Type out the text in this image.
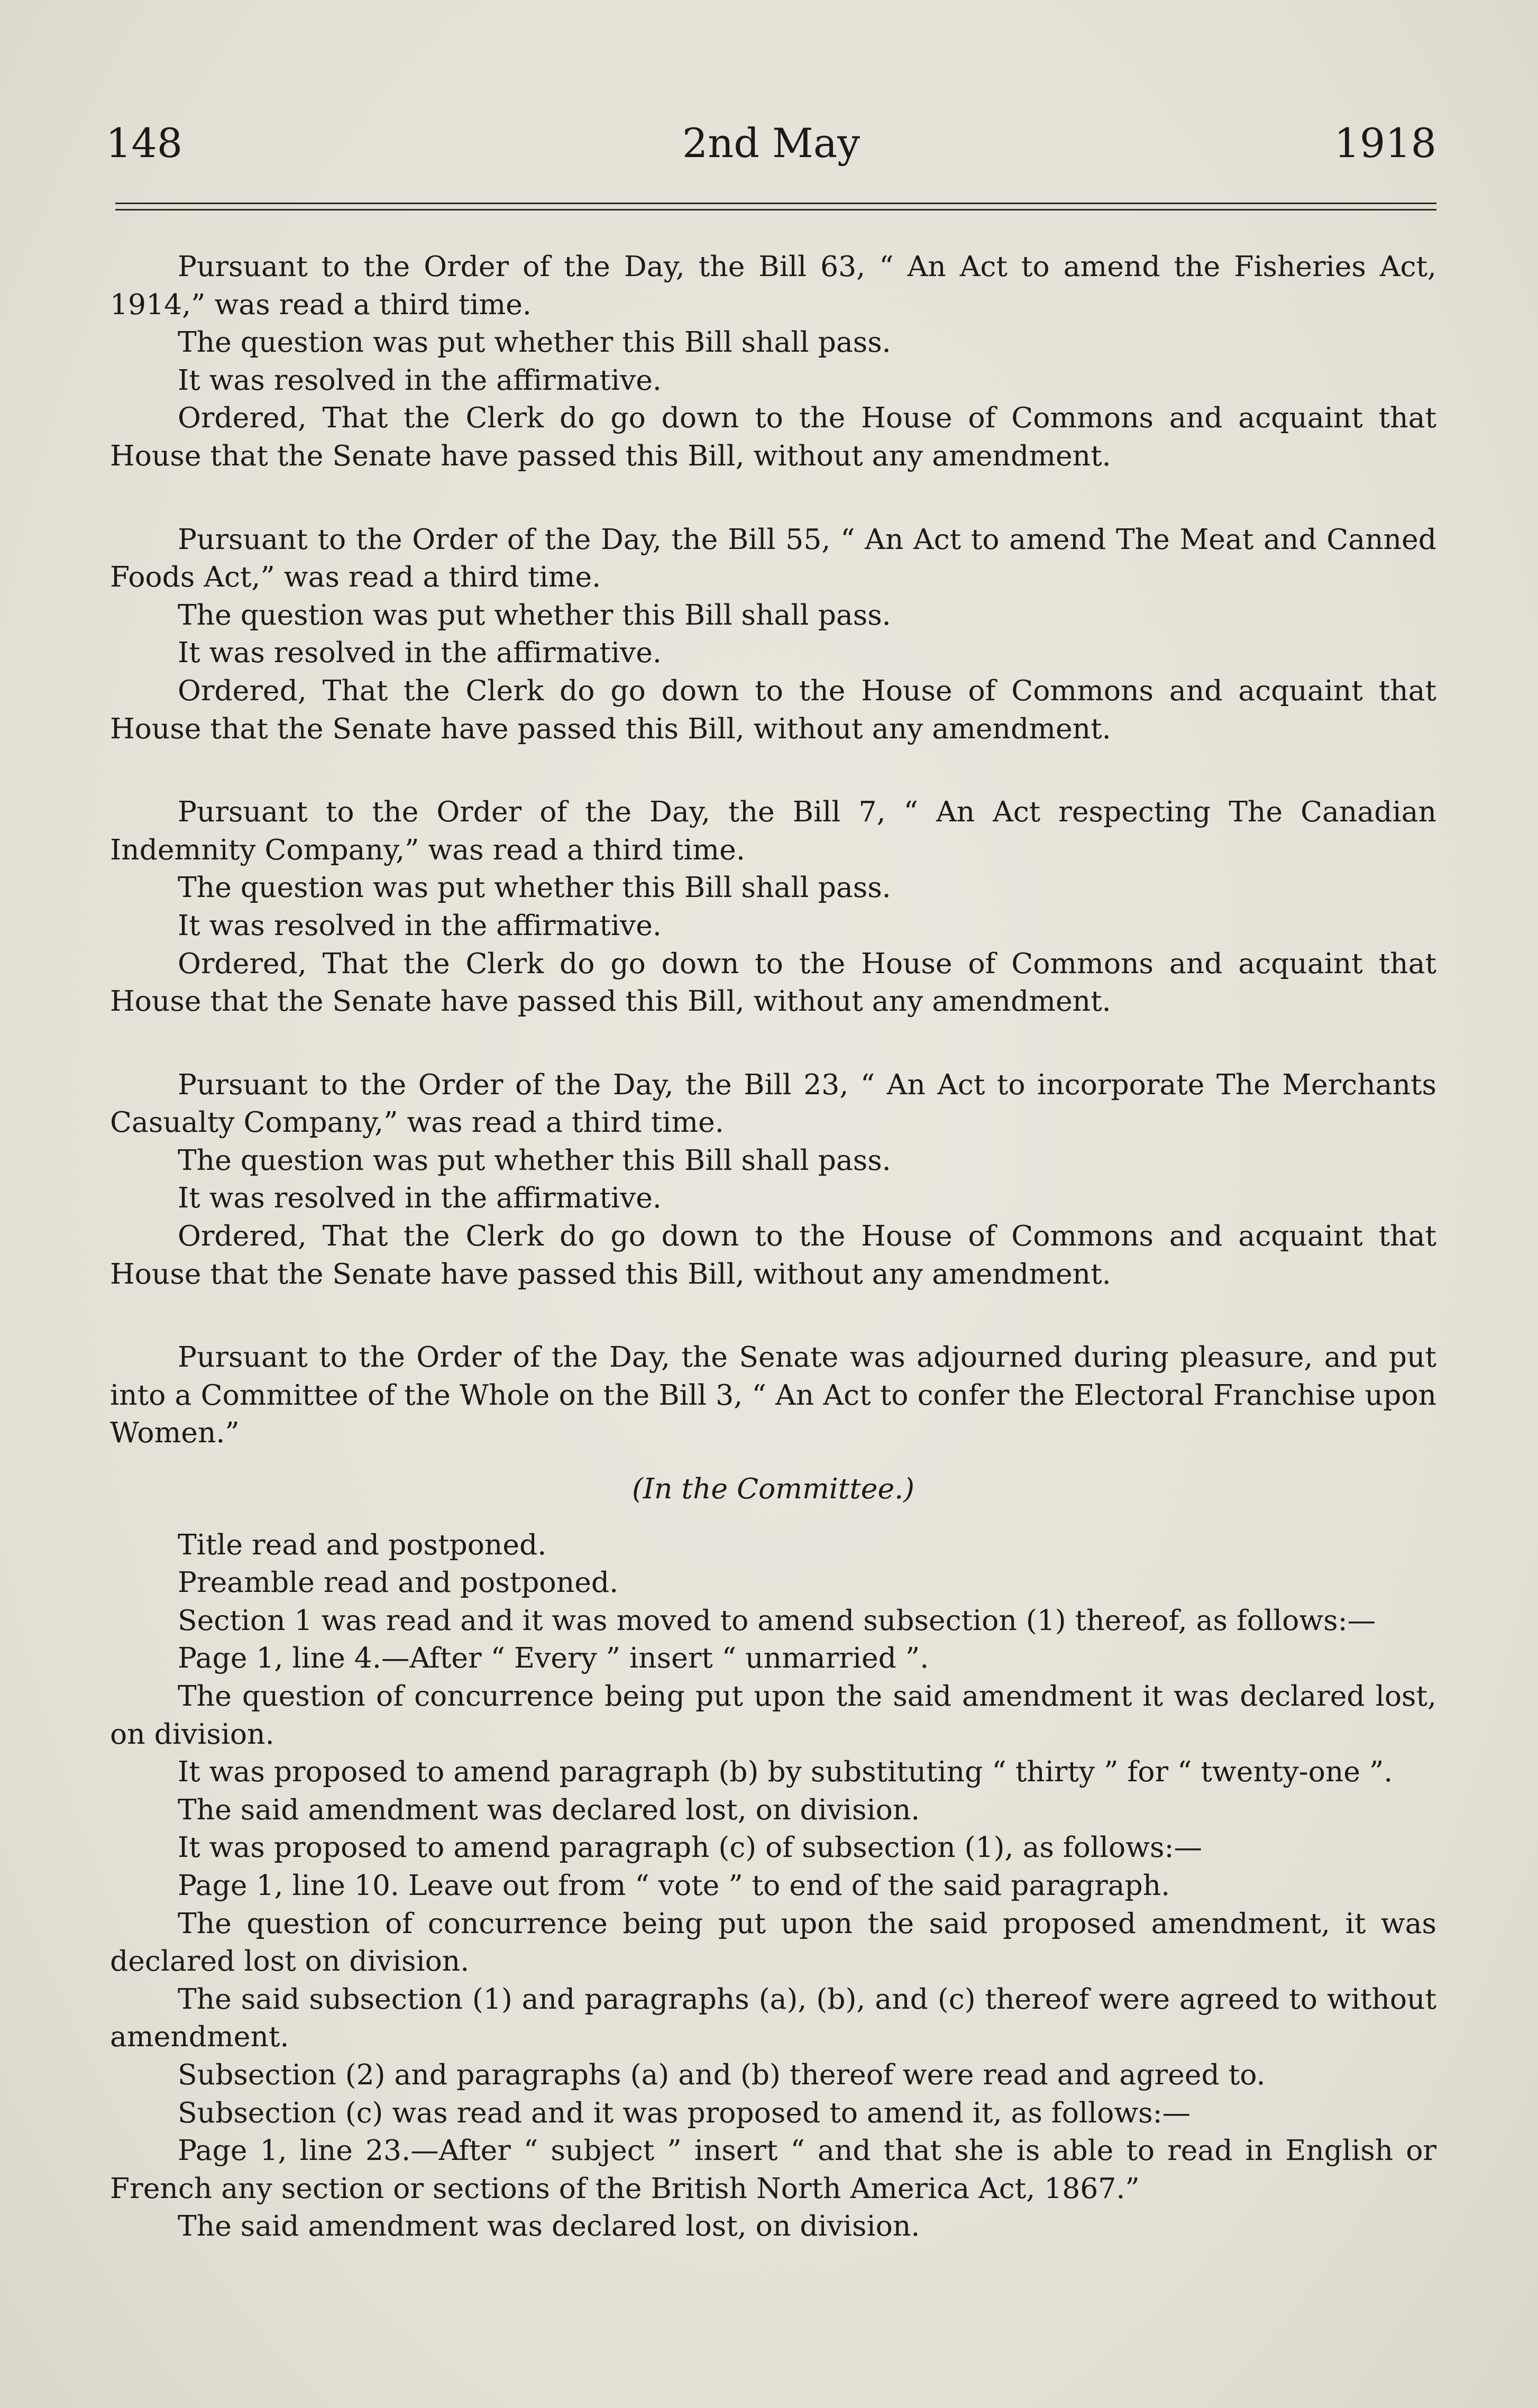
148	2nd May	1918

Pursuant to the Order of the Day, the Bill 63, “ An Act to amend the Fisheries Act, 1914,” was read a third time.

The question was put whether this Bill shall pass.

It was resolved in the affirmative.

Ordered, That the Clerk do go down to the House of Commons and acquaint that House that the Senate have passed this Bill, without any amendment.

Pursuant to the Order of the Day, the Bill 55, “ An Act to amend The Meat and Canned Foods Act,” was read a third time.

The question was put whether this Bill shall pass.

It was resolved in the affirmative.

Ordered, That the Clerk do go down to the House of Commons and acquaint that House that the Senate have passed this Bill, without any amendment.

Pursuant to the Order of the Day, the Bill 7, “ An Act respecting The Canadian Indemnity Company,” was read a third time.

The question was put whether this Bill shall pass.

It was resolved in the affirmative.

Ordered, That the Clerk do go down to the House of Commons and acquaint that House that the Senate have passed this Bill, without any amendment.

Pursuant to the Order of the Day, the Bill 23, “ An Act to incorporate The Merchants Casualty Company,” was read a third time.

The question was put whether this Bill shall pass.

It was resolved in the affirmative.

Ordered, That the Clerk do go down to the House of Commons and acquaint that House that the Senate have passed this Bill, without any amendment.

Pursuant to the Order of the Day, the Senate was adjourned during pleasure, and put into a Committee of the Whole on the Bill 3, “ An Act to confer the Electoral Franchise upon Women.”

(In the Committee.)

Title read and postponed.

Preamble read and postponed.

Section 1 was read and it was moved to amend subsection (1) thereof, as follows:—

Page 1, line 4.—After “ Every ” insert “ unmarried ”.

The question of concurrence being put upon the said amendment it was declared lost, on division.

It was proposed to amend paragraph (b) by substituting “ thirty ” for “ twenty-one ”.

The said amendment was declared lost, on division.

It was proposed to amend paragraph (c) of subsection (1), as follows:—

Page 1, line 10. Leave out from “ vote ” to end of the said paragraph.

The question of concurrence being put upon the said proposed amendment, it was declared lost on division.

The said subsection (1) and paragraphs (a), (b), and (c) thereof were agreed to without amendment.

Subsection (2) and paragraphs (a) and (b) thereof were read and agreed to.

Subsection (c) was read and it was proposed to amend it, as follows:—

Page 1, line 23.—After “ subject ” insert “ and that she is able to read in English or French any section or sections of the British North America Act, 1867.”

The said amendment was declared lost, on division.
